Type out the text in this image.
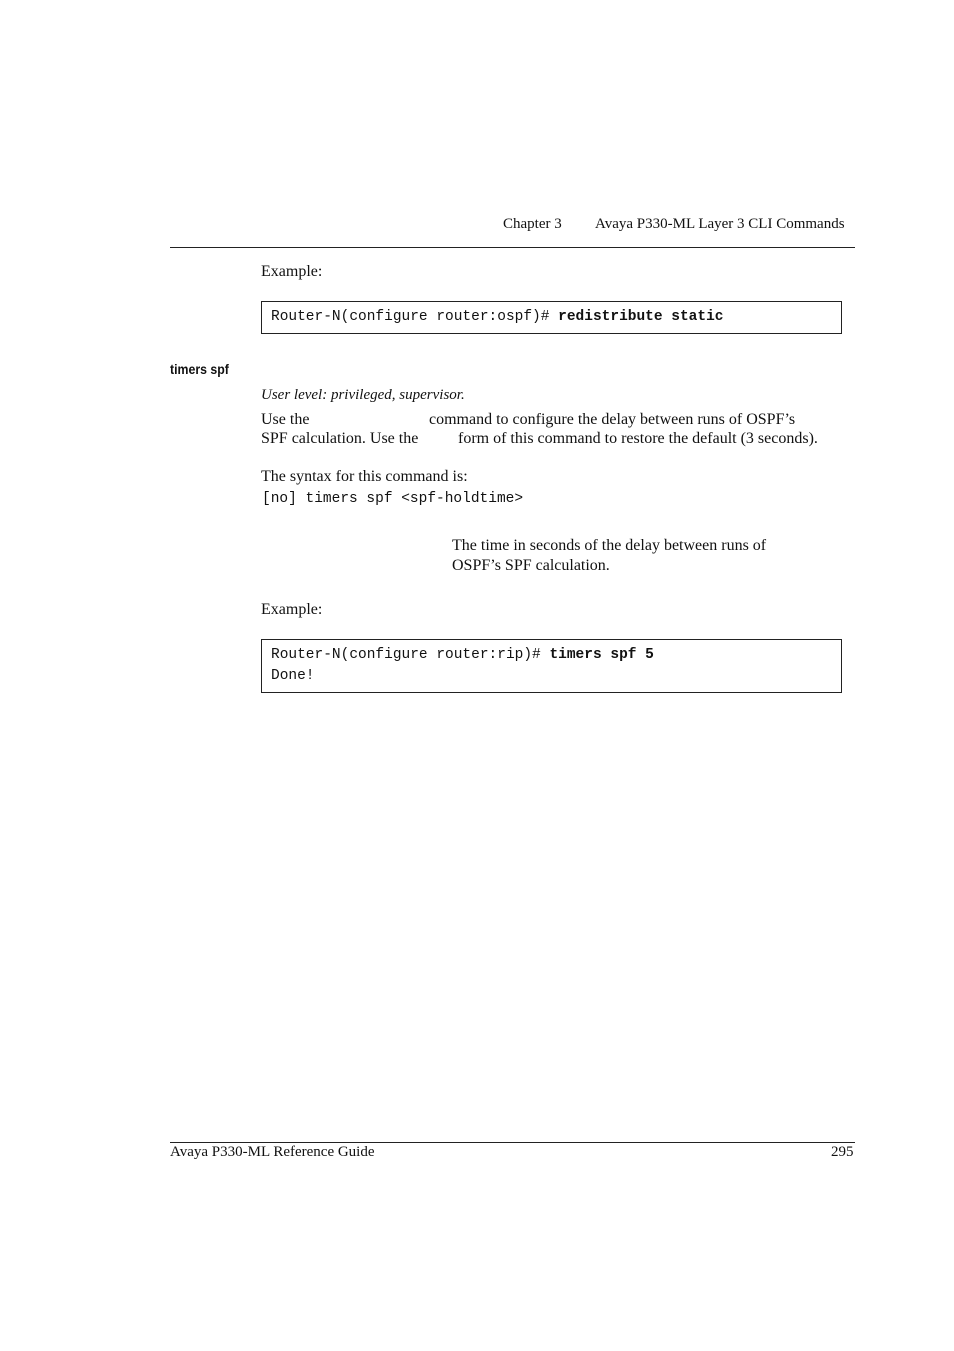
Chapter 3 Avaya P330-ML Layer 3 CLI Commands
Example:
Router-N(configure router:ospf)# redistribute static
timers spf
User level: privileged, supervisor.
Use the	command to configure the delay between runs of OSPF’s
SPF calculation. Use the form of this command to restore the default (3 seconds).
The syntax for this command is:
[no] timers spf <spf-holdtime>
The time in seconds of the delay between runs of
OSPF’s SPF calculation.
Example:
Router-N(configure router:rip)# timers spf 5
Done!
Avaya P330-ML Reference Guide	295
